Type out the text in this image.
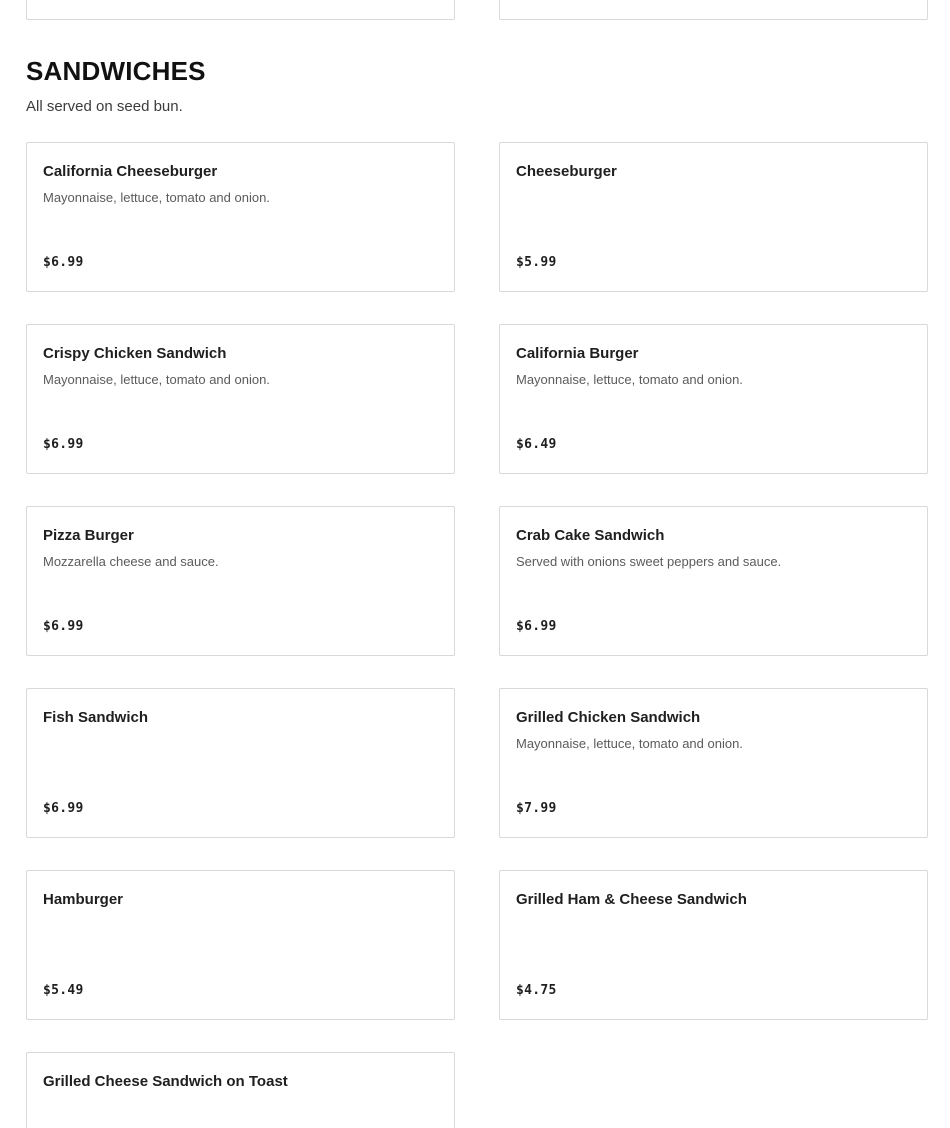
SANDWICHES

All served on seed bun.

California Cheeseburger
Mayonnaise, lettuce, tomato and onion.
$6.99
Cheeseburger
$5.99
Crispy Chicken Sandwich
Mayonnaise, lettuce, tomato and onion.
$6.99
California Burger
Mayonnaise, lettuce, tomato and onion.
$6.49
Pizza Burger
Mozzarella cheese and sauce.
$6.99
Crab Cake Sandwich
Served with onions sweet peppers and sauce.
$6.99
Fish Sandwich
$6.99
Grilled Chicken Sandwich
Mayonnaise, lettuce, tomato and onion.
$7.99
Hamburger
$5.49
Grilled Ham & Cheese Sandwich
$4.75
Grilled Cheese Sandwich on Toast
